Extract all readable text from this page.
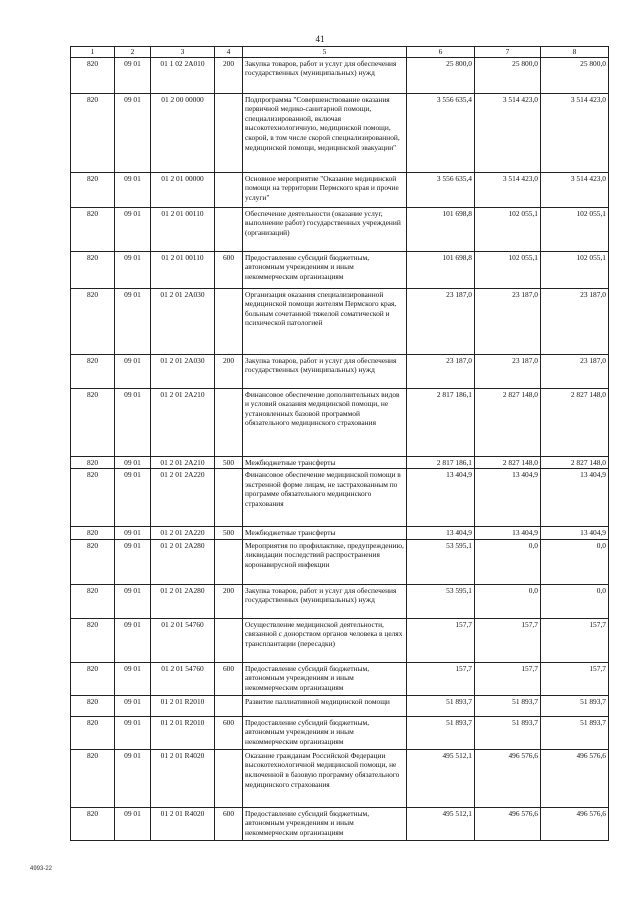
41
1	2	3	4	5	6	7	8
820	09 01	01 1 02 2А010	200	Закупка товаров, работ и услуг для обеспечения государственных (муниципальных) нужд	25 800,0	25 800,0	25 800,0
820	09 01	01 2 00 00000		Подпрограмма "Совершенствование оказания первичной медико-санитарной помощи, специализированной, включая высокотехнологичную, медицинской помощи, скорой, в том числе скорой специализированной, медицинской помощи, медицинской эвакуации"	3 556 635,4	3 514 423,0	3 514 423,0
820	09 01	01 2 01 00000		Основное мероприятие "Оказание медицинской помощи на территории Пермского края и прочие услуги"	3 556 635,4	3 514 423,0	3 514 423,0
820	09 01	01 2 01 00110		Обеспечение деятельности (оказание услуг, выполнение работ) государственных учреждений (организаций)	101 698,8	102 055,1	102 055,1
820	09 01	01 2 01 00110	600	Предоставление субсидий бюджетным, автономным учреждениям и иным некоммерческим организациям	101 698,8	102 055,1	102 055,1
820	09 01	01 2 01 2А030		Организация оказания специализированной медицинской помощи жителям Пермского края, больным сочетанной тяжелой соматической и психической патологией	23 187,0	23 187,0	23 187,0
820	09 01	01 2 01 2А030	200	Закупка товаров, работ и услуг для обеспечения государственных (муниципальных) нужд	23 187,0	23 187,0	23 187,0
820	09 01	01 2 01 2А210		Финансовое обеспечение дополнительных видов и условий оказания медицинской помощи, не установленных базовой программой обязательного медицинского страхования	2 817 186,1	2 827 148,0	2 827 148,0
820	09 01	01 2 01 2А210	500	Межбюджетные трансферты	2 817 186,1	2 827 148,0	2 827 148,0
820	09 01	01 2 01 2А220		Финансовое обеспечение медицинской помощи в экстренной форме лицам, не застрахованным по программе обязательного медицинского страхования	13 404,9	13 404,9	13 404,9
820	09 01	01 2 01 2А220	500	Межбюджетные трансферты	13 404,9	13 404,9	13 404,9
820	09 01	01 2 01 2А280		Мероприятия по профилактике, предупреждению, ликвидации последствий распространения коронавирусной инфекции	53 595,1	0,0	0,0
820	09 01	01 2 01 2А280	200	Закупка товаров, работ и услуг для обеспечения государственных (муниципальных) нужд	53 595,1	0,0	0,0
820	09 01	01 2 01 54760		Осуществление медицинской деятельности, связанной с донорством органов человека в целях трансплантации (пересадки)	157,7	157,7	157,7
820	09 01	01 2 01 54760	600	Предоставление субсидий бюджетным, автономным учреждениям и иным некоммерческим организациям	157,7	157,7	157,7
820	09 01	01 2 01 R2010		Развитие паллиативной медицинской помощи	51 893,7	51 893,7	51 893,7
820	09 01	01 2 01 R2010	600	Предоставление субсидий бюджетным, автономным учреждениям и иным некоммерческим организациям	51 893,7	51 893,7	51 893,7
820	09 01	01 2 01 R4020		Оказание гражданам Российской Федерации высокотехнологичной медицинской помощи, не включенной в базовую программу обязательного медицинского страхования	495 512,1	496 576,6	496 576,6
820	09 01	01 2 01 R4020	600	Предоставление субсидий бюджетным, автономным учреждениям и иным некоммерческим организациям	495 512,1	496 576,6	496 576,6
4993-22
